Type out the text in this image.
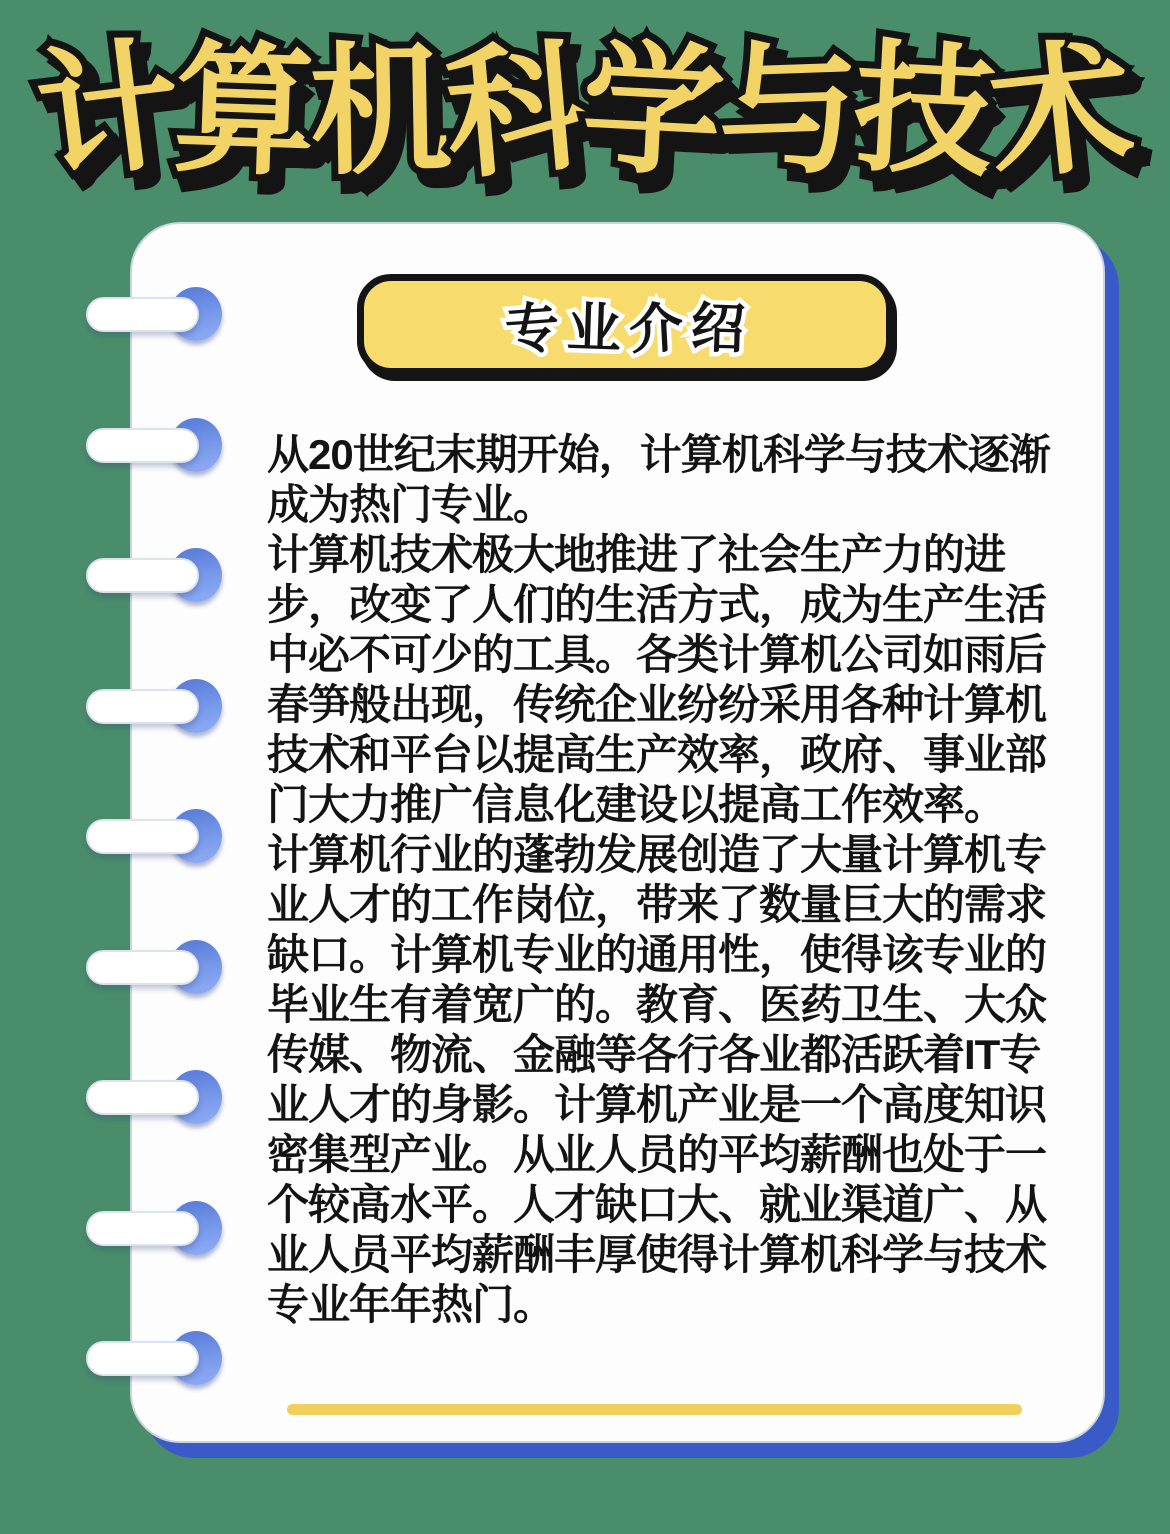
计 计 计算 算 算机 机 机科 科 科学 学 学与 与 与技 技 技术 术 术
专 专业 业介 介绍 绍

从20世纪末期开始，计算机科学与技术逐渐成为热门专业。

计算机技术极大地推进了社会生产力的进步，改变了人们的生活方式，成为生产生活中必不可少的工具。各类计算机公司如雨后春笋般出现，传统企业纷纷采用各种计算机技术和平台以提高生产效率，政府、事业部门大力推广信息化建设以提高工作效率。

计算机行业的蓬勃发展创造了大量计算机专业人才的工作岗位，带来了数量巨大的需求缺口。计算机专业的通用性，使得该专业的毕业生有着宽广的。教育、医药卫生、大众传媒、物流、金融等各行各业都活跃着IT专业人才的身影。计算机产业是一个高度知识密集型产业。从业人员的平均薪酬也处于一个较高水平。人才缺口大、就业渠道广、从业人员平均薪酬丰厚使得计算机科学与技术专业年年热门。
